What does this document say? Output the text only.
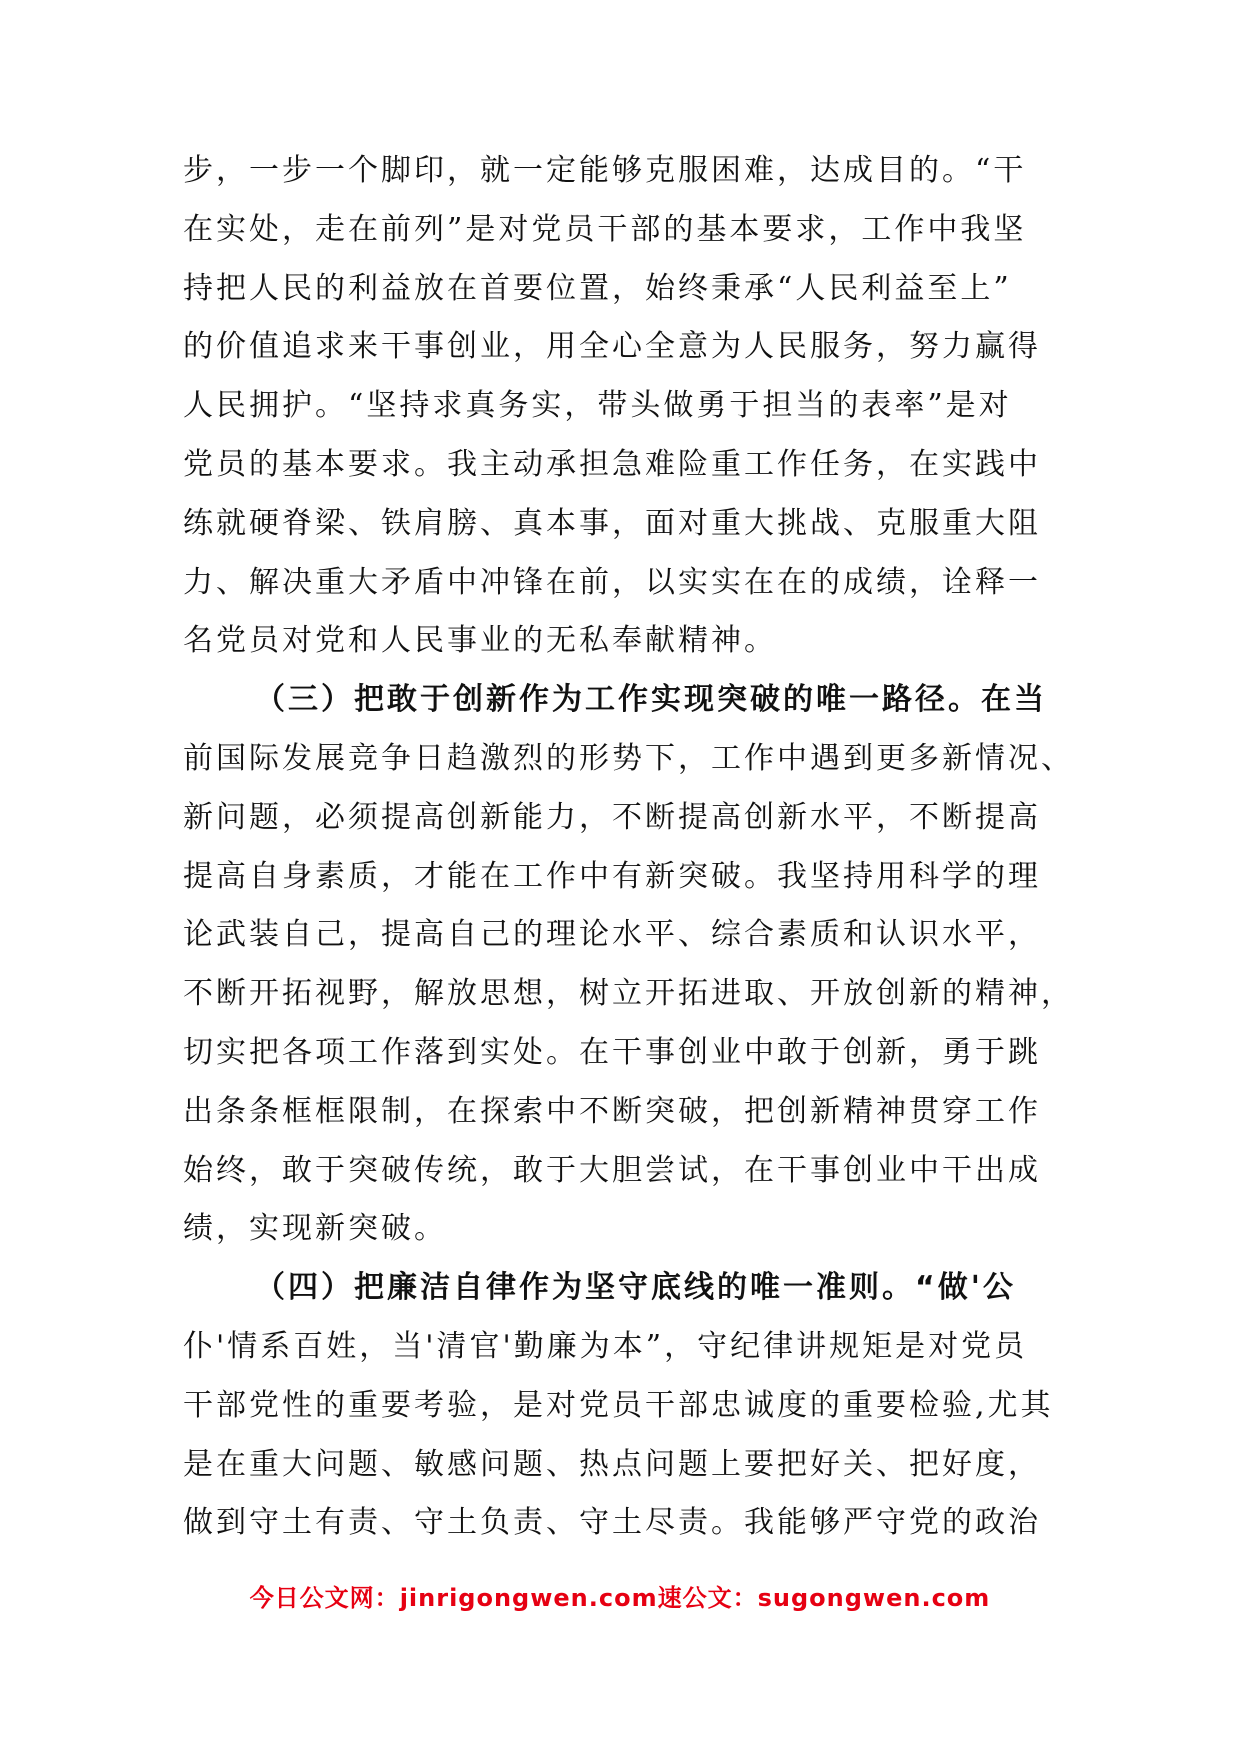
步，一步一个脚印，就一定能够克服困难，达成目的。“干
在实处，走在前列”是对党员干部的基本要求，工作中我坚
持把人民的利益放在首要位置，始终秉承“人民利益至上”
的价值追求来干事创业，用全心全意为人民服务，努力赢得
人民拥护。“坚持求真务实，带头做勇于担当的表率”是对
党员的基本要求。我主动承担急难险重工作任务，在实践中
练就硬脊梁、铁肩膀、真本事，面对重大挑战、克服重大阻
力、解决重大矛盾中冲锋在前，以实实在在的成绩，诠释一
名党员对党和人民事业的无私奉献精神。
（三）把敢于创新作为工作实现突破的唯一路径。在当
前国际发展竞争日趋激烈的形势下，工作中遇到更多新情况、
新问题，必须提高创新能力，不断提高创新水平，不断提高
提高自身素质，才能在工作中有新突破。我坚持用科学的理
论武装自己，提高自己的理论水平、综合素质和认识水平，
不断开拓视野，解放思想，树立开拓进取、开放创新的精神，
切实把各项工作落到实处。在干事创业中敢于创新，勇于跳
出条条框框限制，在探索中不断突破，把创新精神贯穿工作
始终，敢于突破传统，敢于大胆尝试，在干事创业中干出成
绩，实现新突破。
（四）把廉洁自律作为坚守底线的唯一准则。“做'公
仆'情系百姓，当'清官'勤廉为本”，守纪律讲规矩是对党员
干部党性的重要考验，是对党员干部忠诚度的重要检验,尤其
是在重大问题、敏感问题、热点问题上要把好关、把好度，
做到守土有责、守土负责、守土尽责。我能够严守党的政治
今日公文网：jinrigongwen.com速公文：sugongwen.com
